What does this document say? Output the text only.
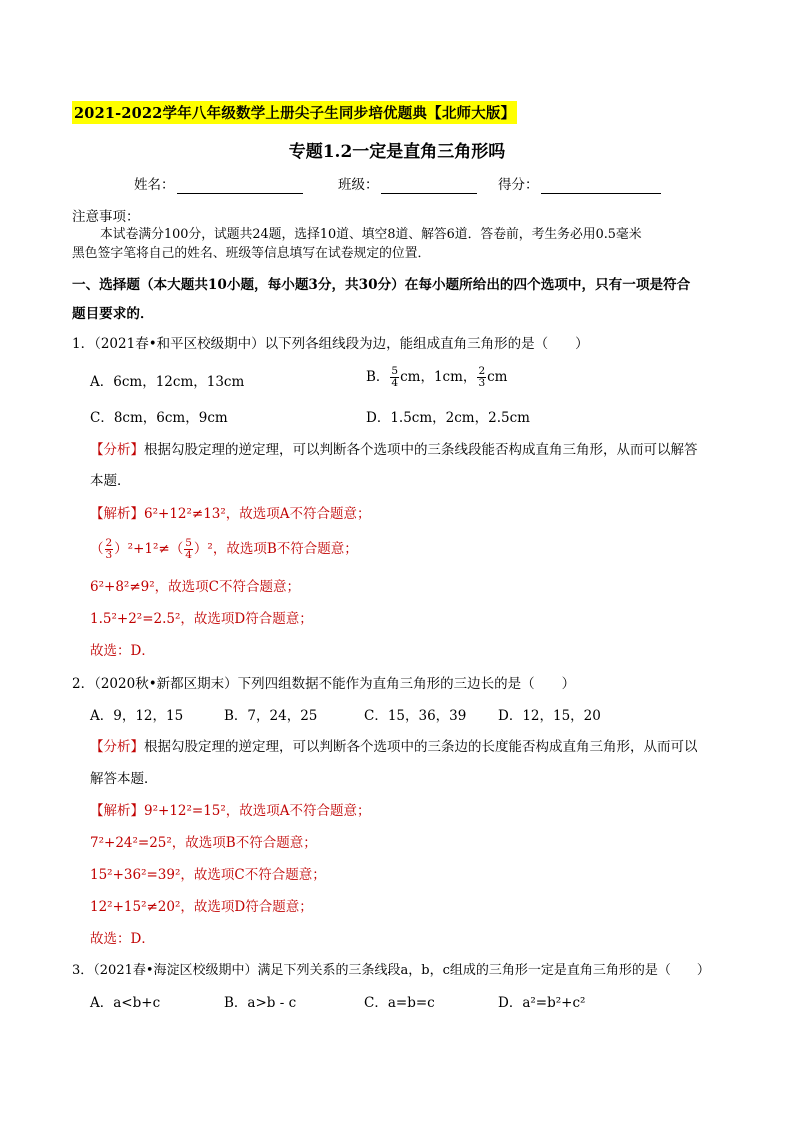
2021-2022学年八年级数学上册尖子生同步培优题典【北师大版】
专题1.2一定是直角三角形吗
姓名：	班级：	得分：
注意事项：
本试卷满分100分，试题共24题，选择10道、填空8道、解答6道．答卷前，考生务必用0.5毫米
黑色签字笔将自己的姓名、班级等信息填写在试卷规定的位置．
一、选择题（本大题共10小题，每小题3分，共30分）在每小题所给出的四个选项中，只有一项是符合
题目要求的．
1．（2021春•和平区校级期中）以下列各组线段为边，能组成直角三角形的是（　　）
A．6cm，12cm，13cm	B． $\frac{5}{4}$ cm，1cm， $\frac{2}{3}$ cm
C．8cm，6cm，9cm	D．1.5cm，2cm，2.5cm
【分析】根据勾股定理的逆定理，可以判断各个选项中的三条线段能否构成直角三角形，从而可以解答
本题．
【解析】6²+12²≠13²，故选项A不符合题意；
（ $\frac{2}{3} )^2+1^2\ne( \frac{5}{4} )^2$，故选项B不符合题意；
6²+8²≠9²，故选项C不符合题意；
1.5²+2²=2.5²，故选项D符合题意；
故选：D．
2．（2020秋•新都区期末）下列四组数据不能作为直角三角形的三边长的是（　　）
A．9，12，15	B．7，24，25	C．15，36，39 D．12，15，20
【分析】根据勾股定理的逆定理，可以判断各个选项中的三条边的长度能否构成直角三角形，从而可以
解答本题．
【解析】9²+12²=15²，故选项A不符合题意；
7²+24²=25²，故选项B不符合题意；
15²+36²=39²，故选项C不符合题意；
12²+15²≠20²，故选项D符合题意；
故选：D．
3．（2021春•海淀区校级期中）满足下列关系的三条线段a，b，c组成的三角形一定是直角三角形的是（　　）
A．a<b+c	B．a>b - c	C．a=b=c	D．a²=b²+c²
